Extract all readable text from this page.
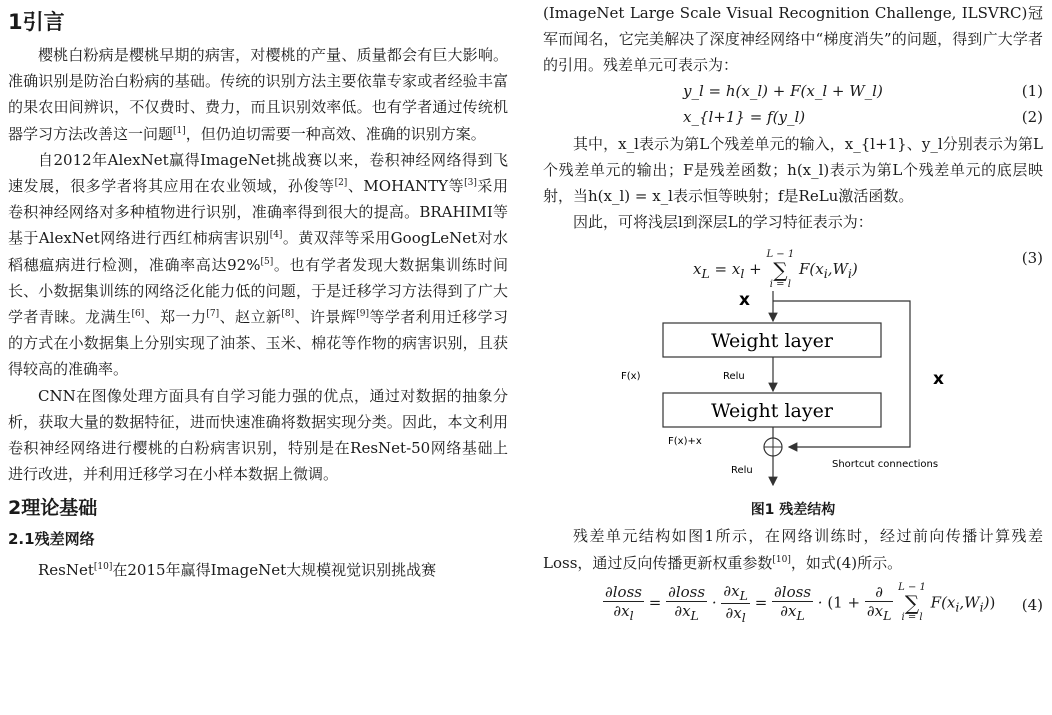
1引言

樱桃白粉病是樱桃早期的病害，对樱桃的产量、质量都会有巨大影响。准确识别是防治白粉病的基础。传统的识别方法主要依靠专家或者经验丰富的果农田间辨识，不仅费时、费力，而且识别效率低。也有学者通过传统机器学习方法改善这一问题[1]，但仍迫切需要一种高效、准确的识别方案。

自2012年AlexNet赢得ImageNet挑战赛以来，卷积神经网络得到飞速发展，很多学者将其应用在农业领域，孙俊等[2]、MOHANTY等[3]采用卷积神经网络对多种植物进行识别，准确率得到很大的提高。BRAHIMI等基于AlexNet网络进行西红柿病害识别[4]。黄双萍等采用GoogLeNet对水稻穗瘟病进行检测，准确率高达92%[5]。也有学者发现大数据集训练时间长、小数据集训练的网络泛化能力低的问题，于是迁移学习方法得到了广大学者青睐。龙满生[6]、郑一力[7]、赵立新[8]、许景辉[9]等学者利用迁移学习的方式在小数据集上分别实现了油茶、玉米、棉花等作物的病害识别，且获得较高的准确率。

CNN在图像处理方面具有自学习能力强的优点，通过对数据的抽象分析，获取大量的数据特征，进而快速准确将数据实现分类。因此，本文利用卷积神经网络进行樱桃的白粉病害识别，特别是在ResNet-50网络基础上进行改进，并利用迁移学习在小样本数据上微调。

2理论基础
2.1残差网络

ResNet[10]在2015年赢得ImageNet大规模视觉识别挑战赛

(ImageNet Large Scale Visual Recognition Challenge, ILSVRC)冠军而闻名，它完美解决了深度神经网络中“梯度消失”的问题，得到广大学者的引用。残差单元可表示为：

y_l = h(x_l) + F(x_l + W_l)	(1)
x_{l+1} = f(y_l)	(2)

其中，x_l表示为第L个残差单元的输入，x_{l+1}、y_l分别表示为第L个残差单元的输出；F是残差函数；h(x_l)表示为第L个残差单元的底层映射，当h(x_l) = x_l表示恒等映射；f是ReLu激活函数。

因此，可将浅层l到深层L的学习特征表示为：

$x_L = x_l$ +
L − 1
∑
i = l
$F(x_i,W_i)$
(3)
x
Weight layer
Relu
F(x)
Weight layer
F(x)+x
Relu
Shortcut connections
x
图1 残差结构

残差单元结构如图1所示，在网络训练时，经过前向传播计算残差Loss，通过反向传播更新权重参数[10]，如式(4)所示。

$\frac{\text{∂loss}}{\partial x_l} = \frac{\text{∂loss}}{\partial x_L} \cdot \frac{\partial x_L}{\partial x_l} = \frac{\text{∂loss}}{\partial x_L} \cdot (1 + \frac{\partial}{\partial x_L}$
L − 1
∑
i = l
$F(x_i,W_i)$) (4)
